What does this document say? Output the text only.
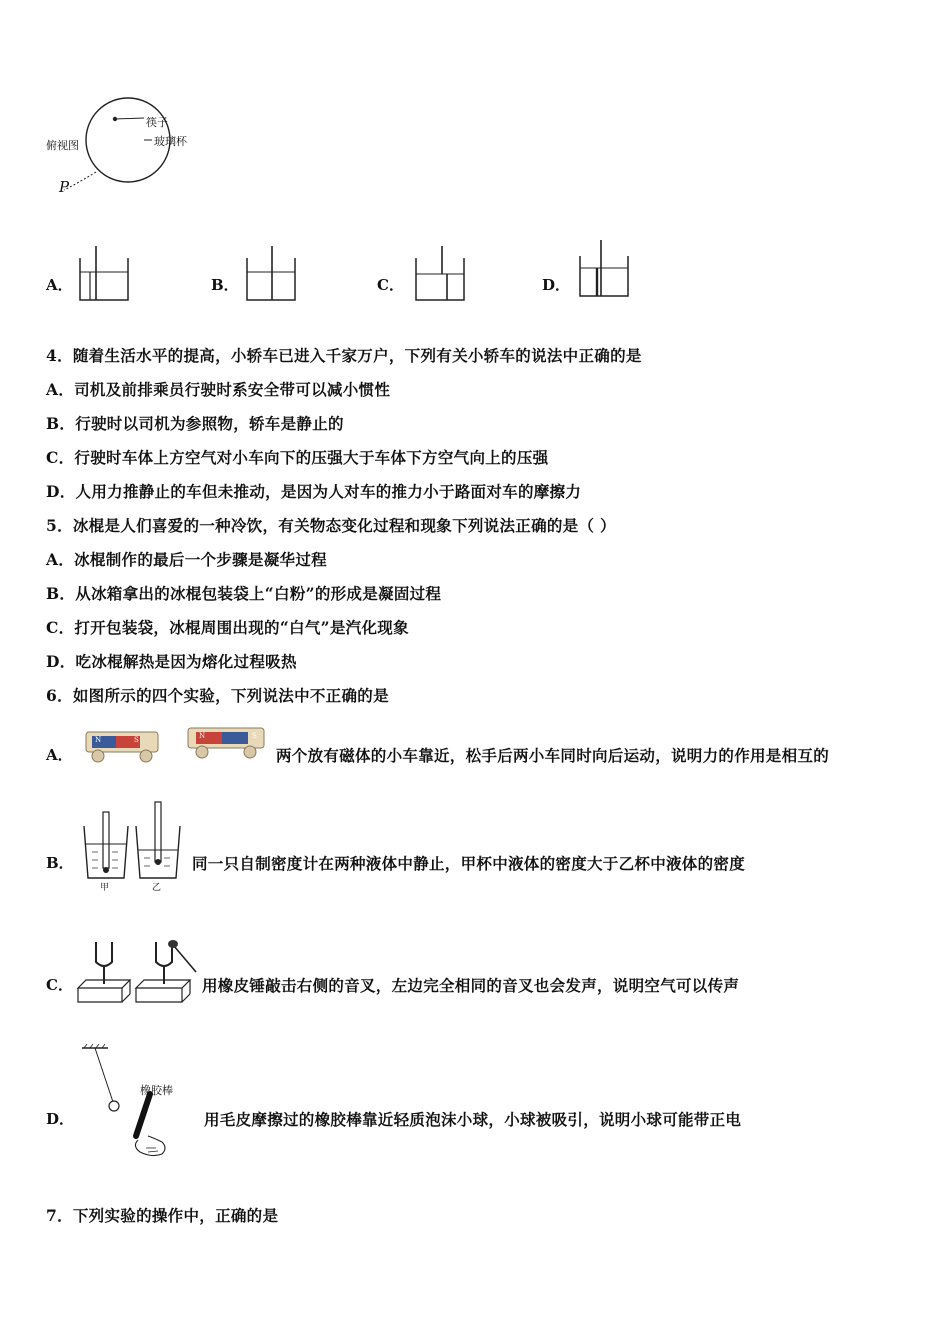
筷子
玻璃杯
俯视图
P
A．	B．	C．	D．
4．随着生活水平的提高，小轿车已进入千家万户，下列有关小轿车的说法中正确的是
A．司机及前排乘员行驶时系安全带可以减小惯性
B．行驶时以司机为参照物，轿车是静止的
C．行驶时车体上方空气对小车向下的压强大于车体下方空气向上的压强
D．人用力推静止的车但未推动，是因为人对车的推力小于路面对车的摩擦力
5．冰棍是人们喜爱的一种冷饮，有关物态变化过程和现象下列说法正确的是（ ）
A．冰棍制作的最后一个步骤是凝华过程
B．从冰箱拿出的冰棍包装袋上“白粉”的形成是凝固过程
C．打开包装袋，冰棍周围出现的“白气”是汽化现象
D．吃冰棍解热是因为熔化过程吸热
6．如图所示的四个实验，下列说法中不正确的是
A．
N	S	N	S
两个放有磁体的小车靠近，松手后两小车同时向后运动，说明力的作用是相互的
B．
甲	乙
同一只自制密度计在两种液体中静止，甲杯中液体的密度大于乙杯中液体的密度
C．	用橡皮锤敲击右侧的音叉，左边完全相同的音叉也会发声，说明空气可以传声
D．
橡胶棒
用毛皮摩擦过的橡胶棒靠近轻质泡沫小球，小球被吸引，说明小球可能带正电
7．下列实验的操作中，正确的是
